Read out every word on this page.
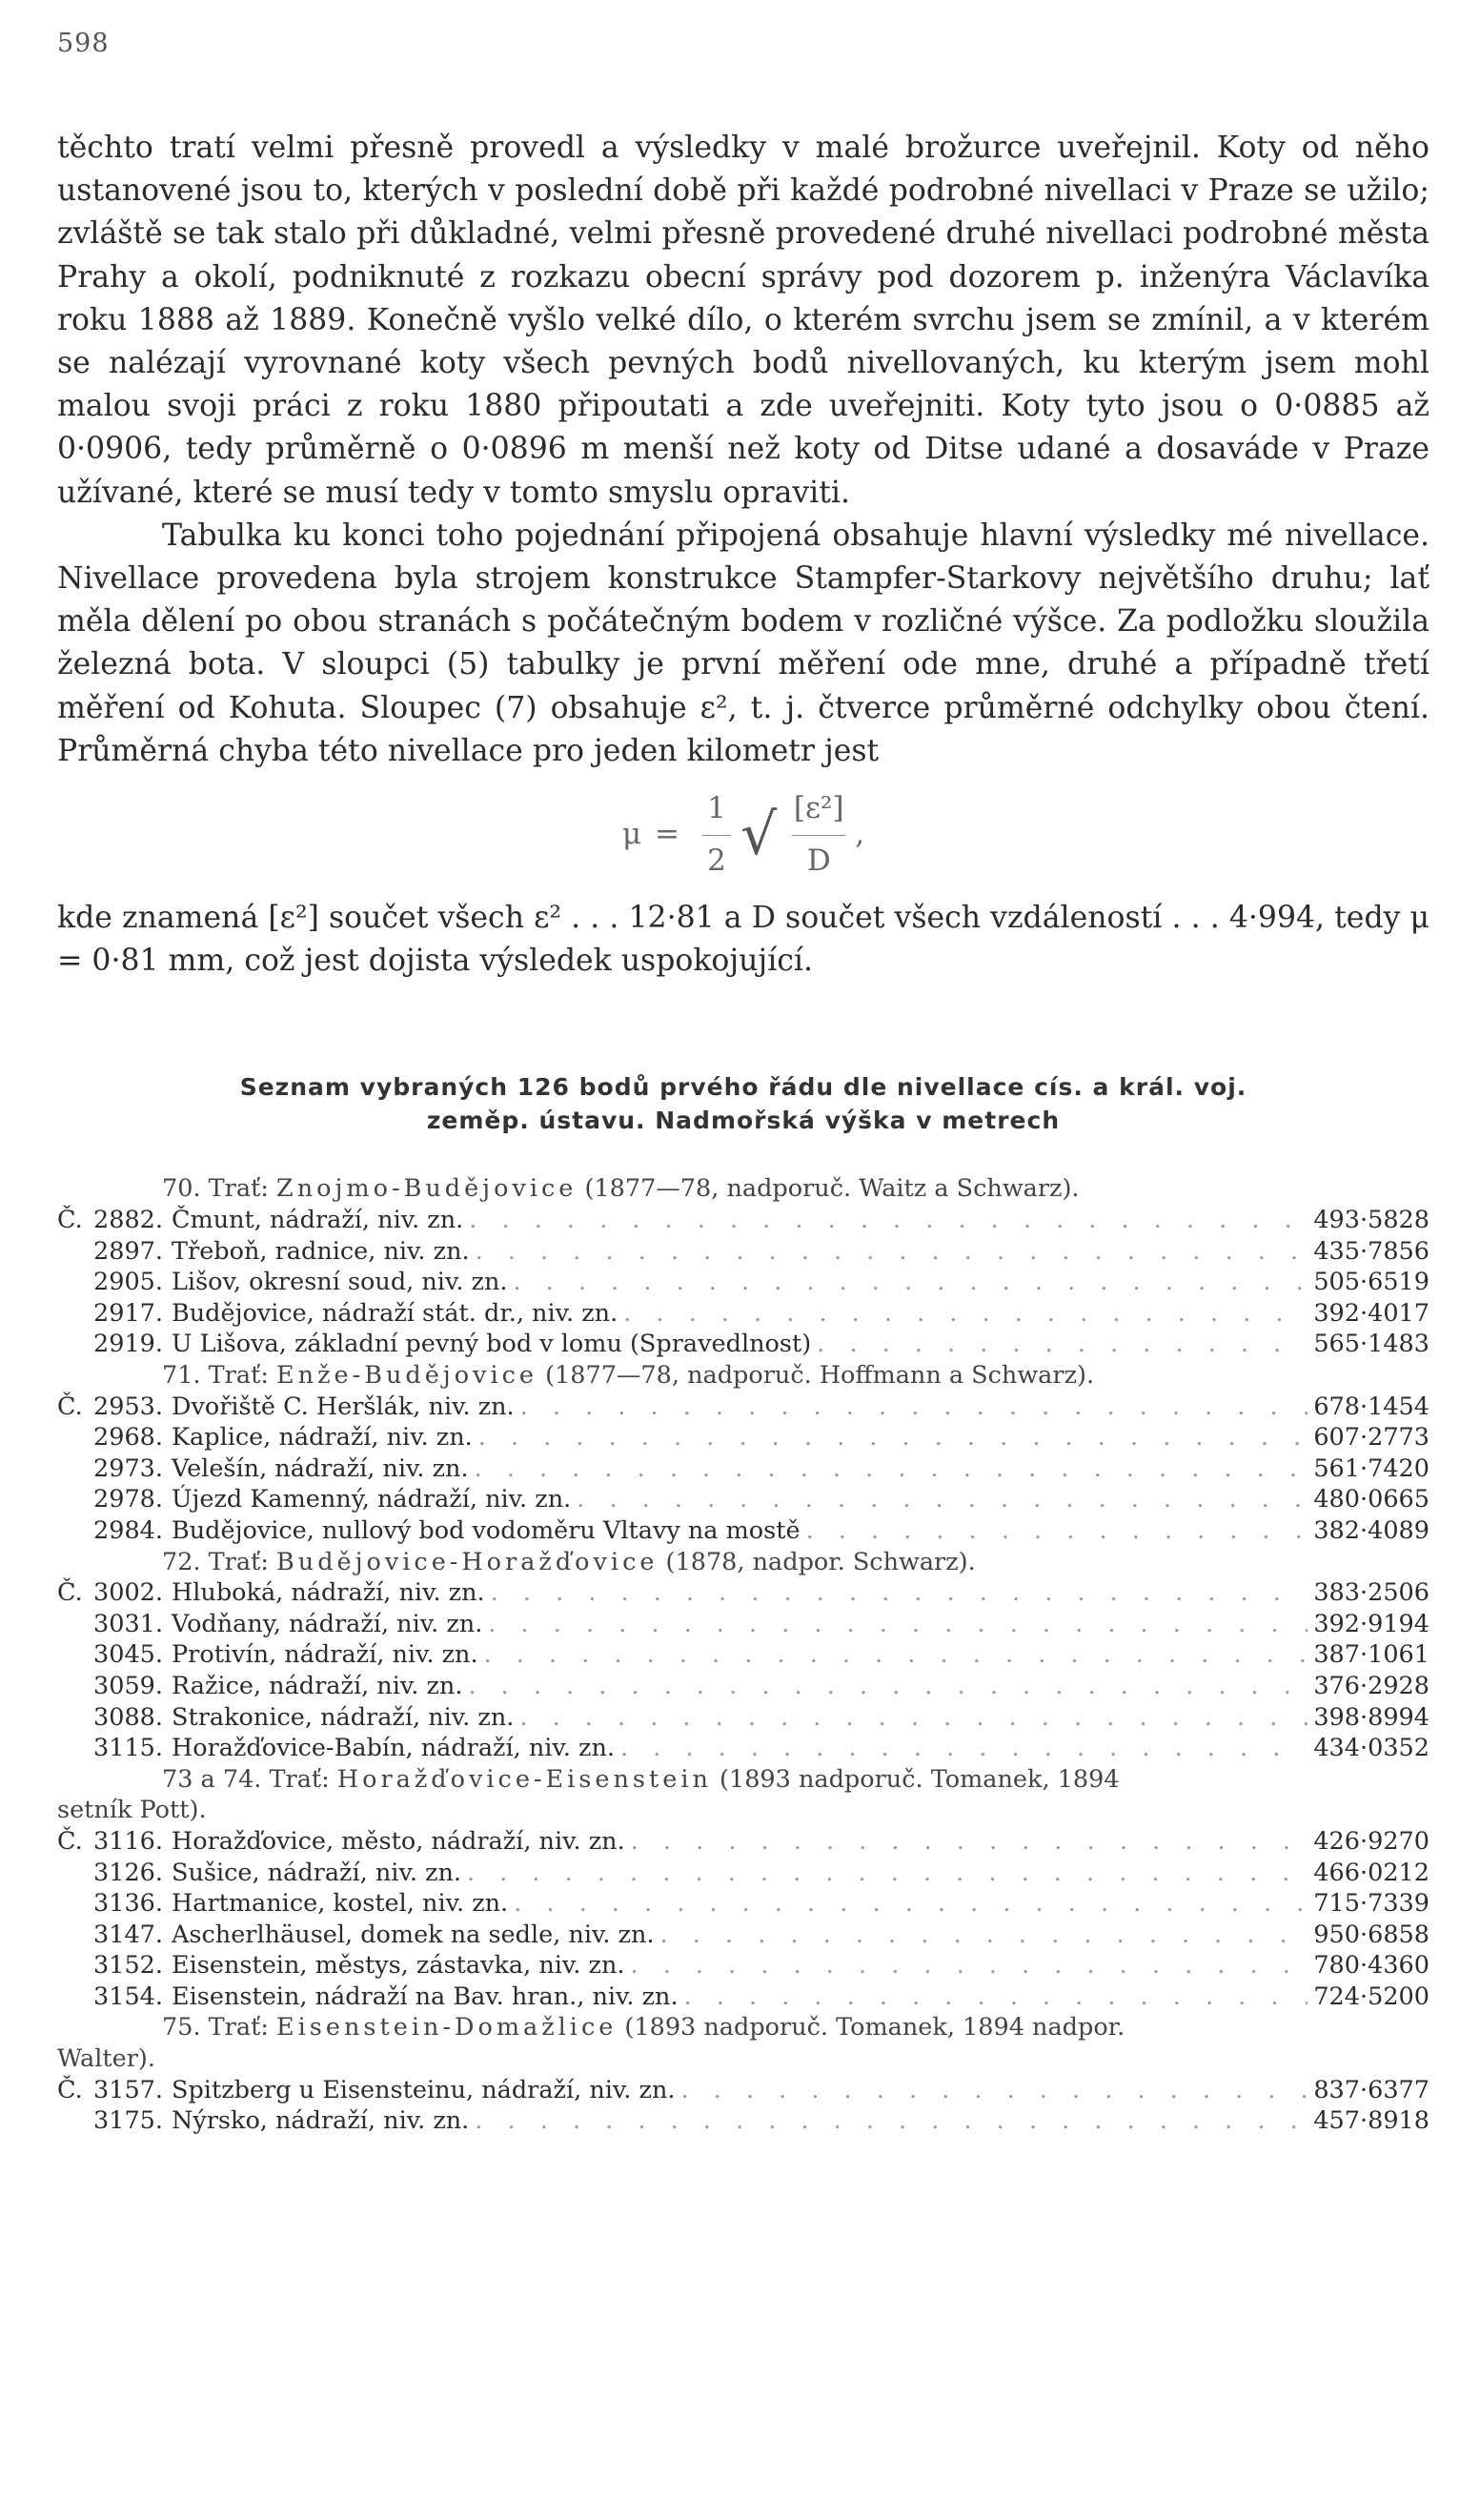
598

těchto tratí velmi přesně provedl a výsledky v malé brožurce uveřejnil. Koty od něho ustanovené jsou to, kterých v poslední době při každé podrobné nivellaci v Praze se užilo; zvláště se tak stalo při důkladné, velmi přesně provedené druhé nivellaci podrobné města Prahy a okolí, podniknuté z rozkazu obecní správy pod dozorem p. inženýra Václavíka roku 1888 až 1889. Konečně vyšlo velké dílo, o kterém svrchu jsem se zmínil, a v kterém se nalézají vyrovnané koty všech pevných bodů nivellovaných, ku kterým jsem mohl malou svoji práci z roku 1880 připoutati a zde uveřejniti. Koty tyto jsou o 0·0885 až 0·0906, tedy průměrně o 0·0896 m menší než koty od Ditse udané a dosaváde v Praze užívané, které se musí tedy v tomto smyslu opraviti.

Tabulka ku konci toho pojednání připojená obsahuje hlavní výsledky mé nivellace. Nivellace provedena byla strojem konstrukce Stampfer-Starkovy největšího druhu; lať měla dělení po obou stranách s počátečným bodem v rozličné výšce. Za podložku sloužila železná bota. V sloupci (5) tabulky je první měření ode mne, druhé a případně třetí měření od Kohuta. Sloupec (7) obsahuje ε², t. j. čtverce průměrné odchylky obou čtení. Průměrná chyba této nivellace pro jeden kilometr jest

$\mu = \frac{1}{2}$ √ $\frac{\text{[ε²]}}{D}$ ,

kde znamená [ε²] součet všech ε² . . . 12·81 a D součet všech vzdáleností . . . 4·994, tedy μ = 0·81 mm, což jest dojista výsledek uspokojující.

Seznam vybraných 126 bodů prvého řádu dle nivellace cís. a král. voj.
zeměp. ústavu. Nadmořská výška v metrech
70. Trať: Znojmo-Budějovice (1877—78, nadporuč. Waitz a Schwarz).
Č. 2882. Čmunt, nádraží, niv. zn. . . .	493·5828
2897. Třeboň, radnice, niv. zn. . . .	435·7856
2905. Lišov, okresní soud, niv. zn. . . .	505·6519
2917. Budějovice, nádraží stát. dr., niv. zn. . . .	392·4017
2919. U Lišova, základní pevný bod v lomu (Spravedlnost) . . .	565·1483
71. Trať: Enže-Budějovice (1877—78, nadporuč. Hoffmann a Schwarz).
Č. 2953. Dvořiště C. Heršlák, niv. zn. . . .	678·1454
2968. Kaplice, nádraží, niv. zn. . . .	607·2773
2973. Velešín, nádraží, niv. zn. . . .	561·7420
2978. Újezd Kamenný, nádraží, niv. zn. . . .	480·0665
2984. Budějovice, nullový bod vodoměru Vltavy na mostě . . .	382·4089
72. Trať: Budějovice-Horažďovice (1878, nadpor. Schwarz).
Č. 3002. Hluboká, nádraží, niv. zn. . . .	383·2506
3031. Vodňany, nádraží, niv. zn. . . .	392·9194
3045. Protivín, nádraží, niv. zn. . . .	387·1061
3059. Ražice, nádraží, niv. zn. . . .	376·2928
3088. Strakonice, nádraží, niv. zn. . . .	398·8994
3115. Horažďovice-Babín, nádraží, niv. zn. . . .	434·0352
73 a 74. Trať: Horažďovice-Eisenstein (1893 nadporuč. Tomanek, 1894
setník Pott).
Č. 3116. Horažďovice, město, nádraží, niv. zn. . . .	426·9270
3126. Sušice, nádraží, niv. zn. . . .	466·0212
3136. Hartmanice, kostel, niv. zn. . . .	715·7339
3147. Ascherlhäusel, domek na sedle, niv. zn. . . .	950·6858
3152. Eisenstein, městys, zástavka, niv. zn. . . .	780·4360
3154. Eisenstein, nádraží na Bav. hran., niv. zn. . . .	724·5200
75. Trať: Eisenstein-Domažlice (1893 nadporuč. Tomanek, 1894 nadpor.
Walter).
Č. 3157. Spitzberg u Eisensteinu, nádraží, niv. zn. . . .	837·6377
3175. Nýrsko, nádraží, niv. zn. . . .	457·8918
